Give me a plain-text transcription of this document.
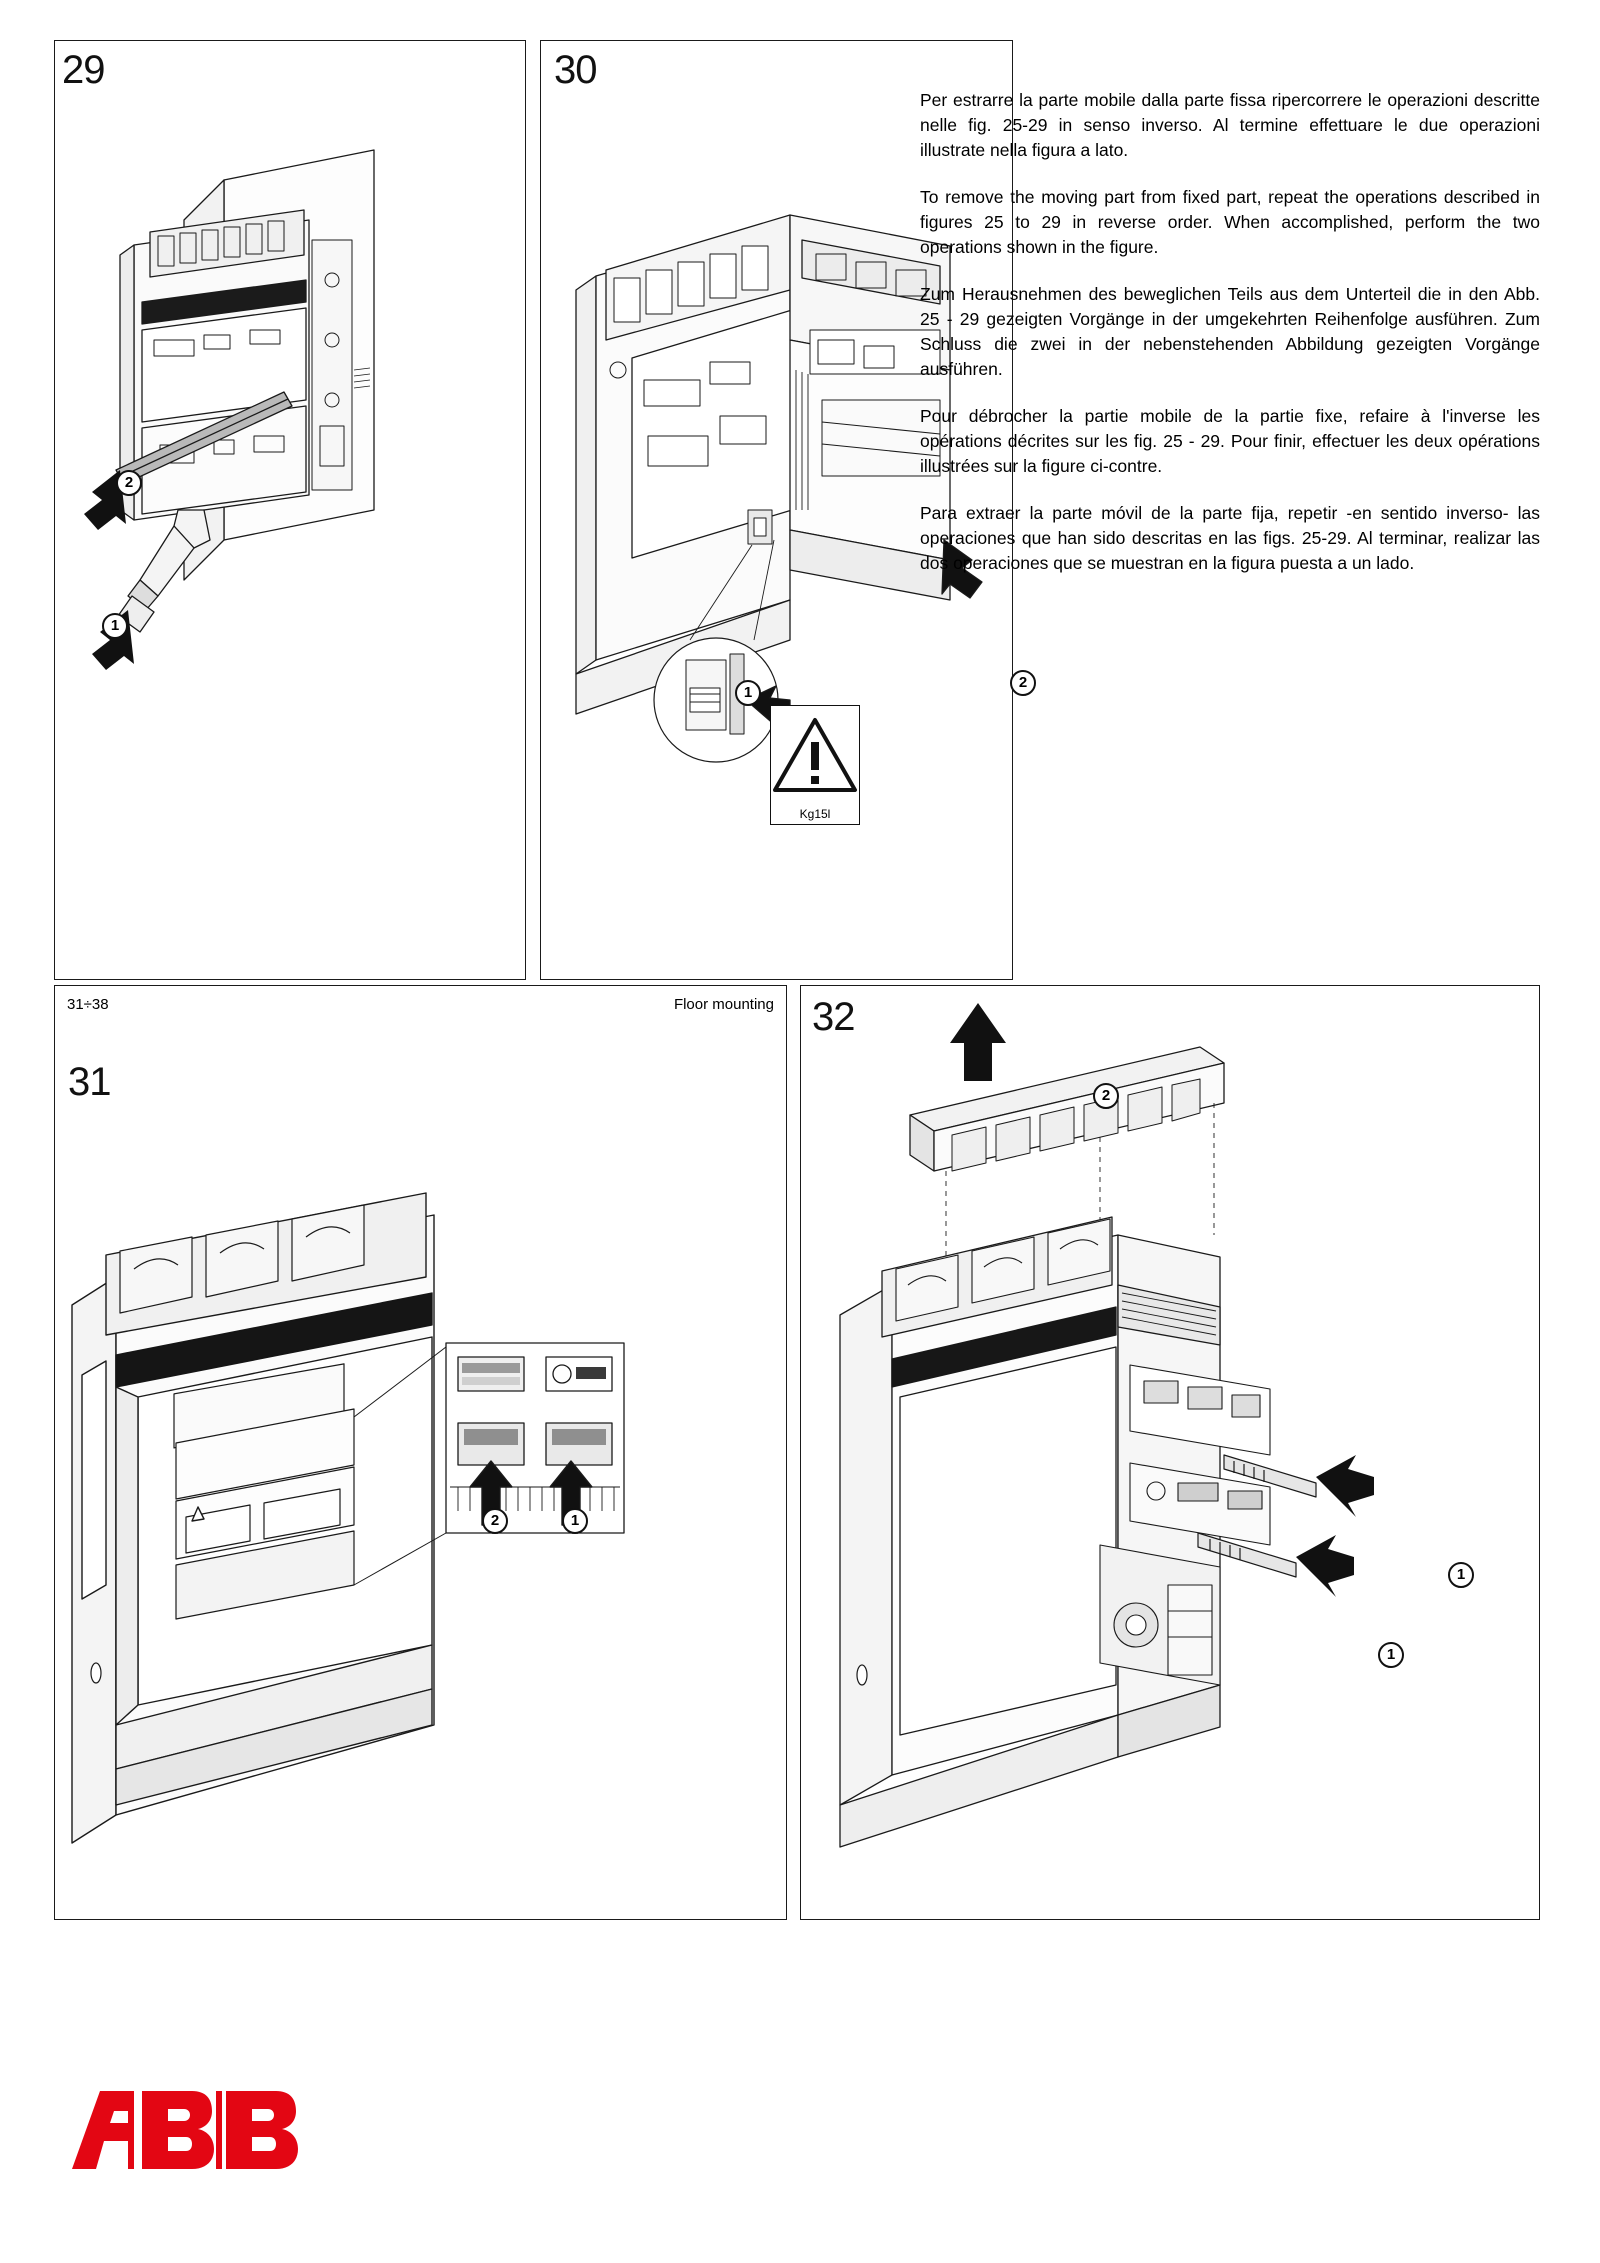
29
2
1
30
1
2
Kg15l
Per estrarre la parte mobile dalla parte fissa ripercorrere le operazioni descritte nelle fig. 25-29 in senso inverso. Al termine effettuare le due operazioni illustrate nella figura a lato.
To remove the moving part from fixed part, repeat the operations described in figures 25 to 29 in reverse order. When accomplished, perform the two operations shown in the figure.
Zum Herausnehmen des beweglichen Teils aus dem Unterteil die in den Abb. 25 - 29 gezeigten Vorgänge in der umgekehrten Reihenfolge ausführen. Zum Schluss die zwei in der nebenstehenden Abbildung gezeigten Vorgänge ausführen.
Pour débrocher la partie mobile de la partie fixe, refaire à l'inverse les opérations décrites sur les fig. 25 - 29. Pour finir, effectuer les deux opérations illustrées sur la figure ci-contre.
Para extraer la parte móvil de la parte fija, repetir -en sentido inverso- las operaciones que han sido descritas en las figs. 25-29. Al terminar, realizar las dos operaciones que se muestran en la figura puesta a un lado.
31÷38	Floor mounting
31
2	1
32
2
1
1
